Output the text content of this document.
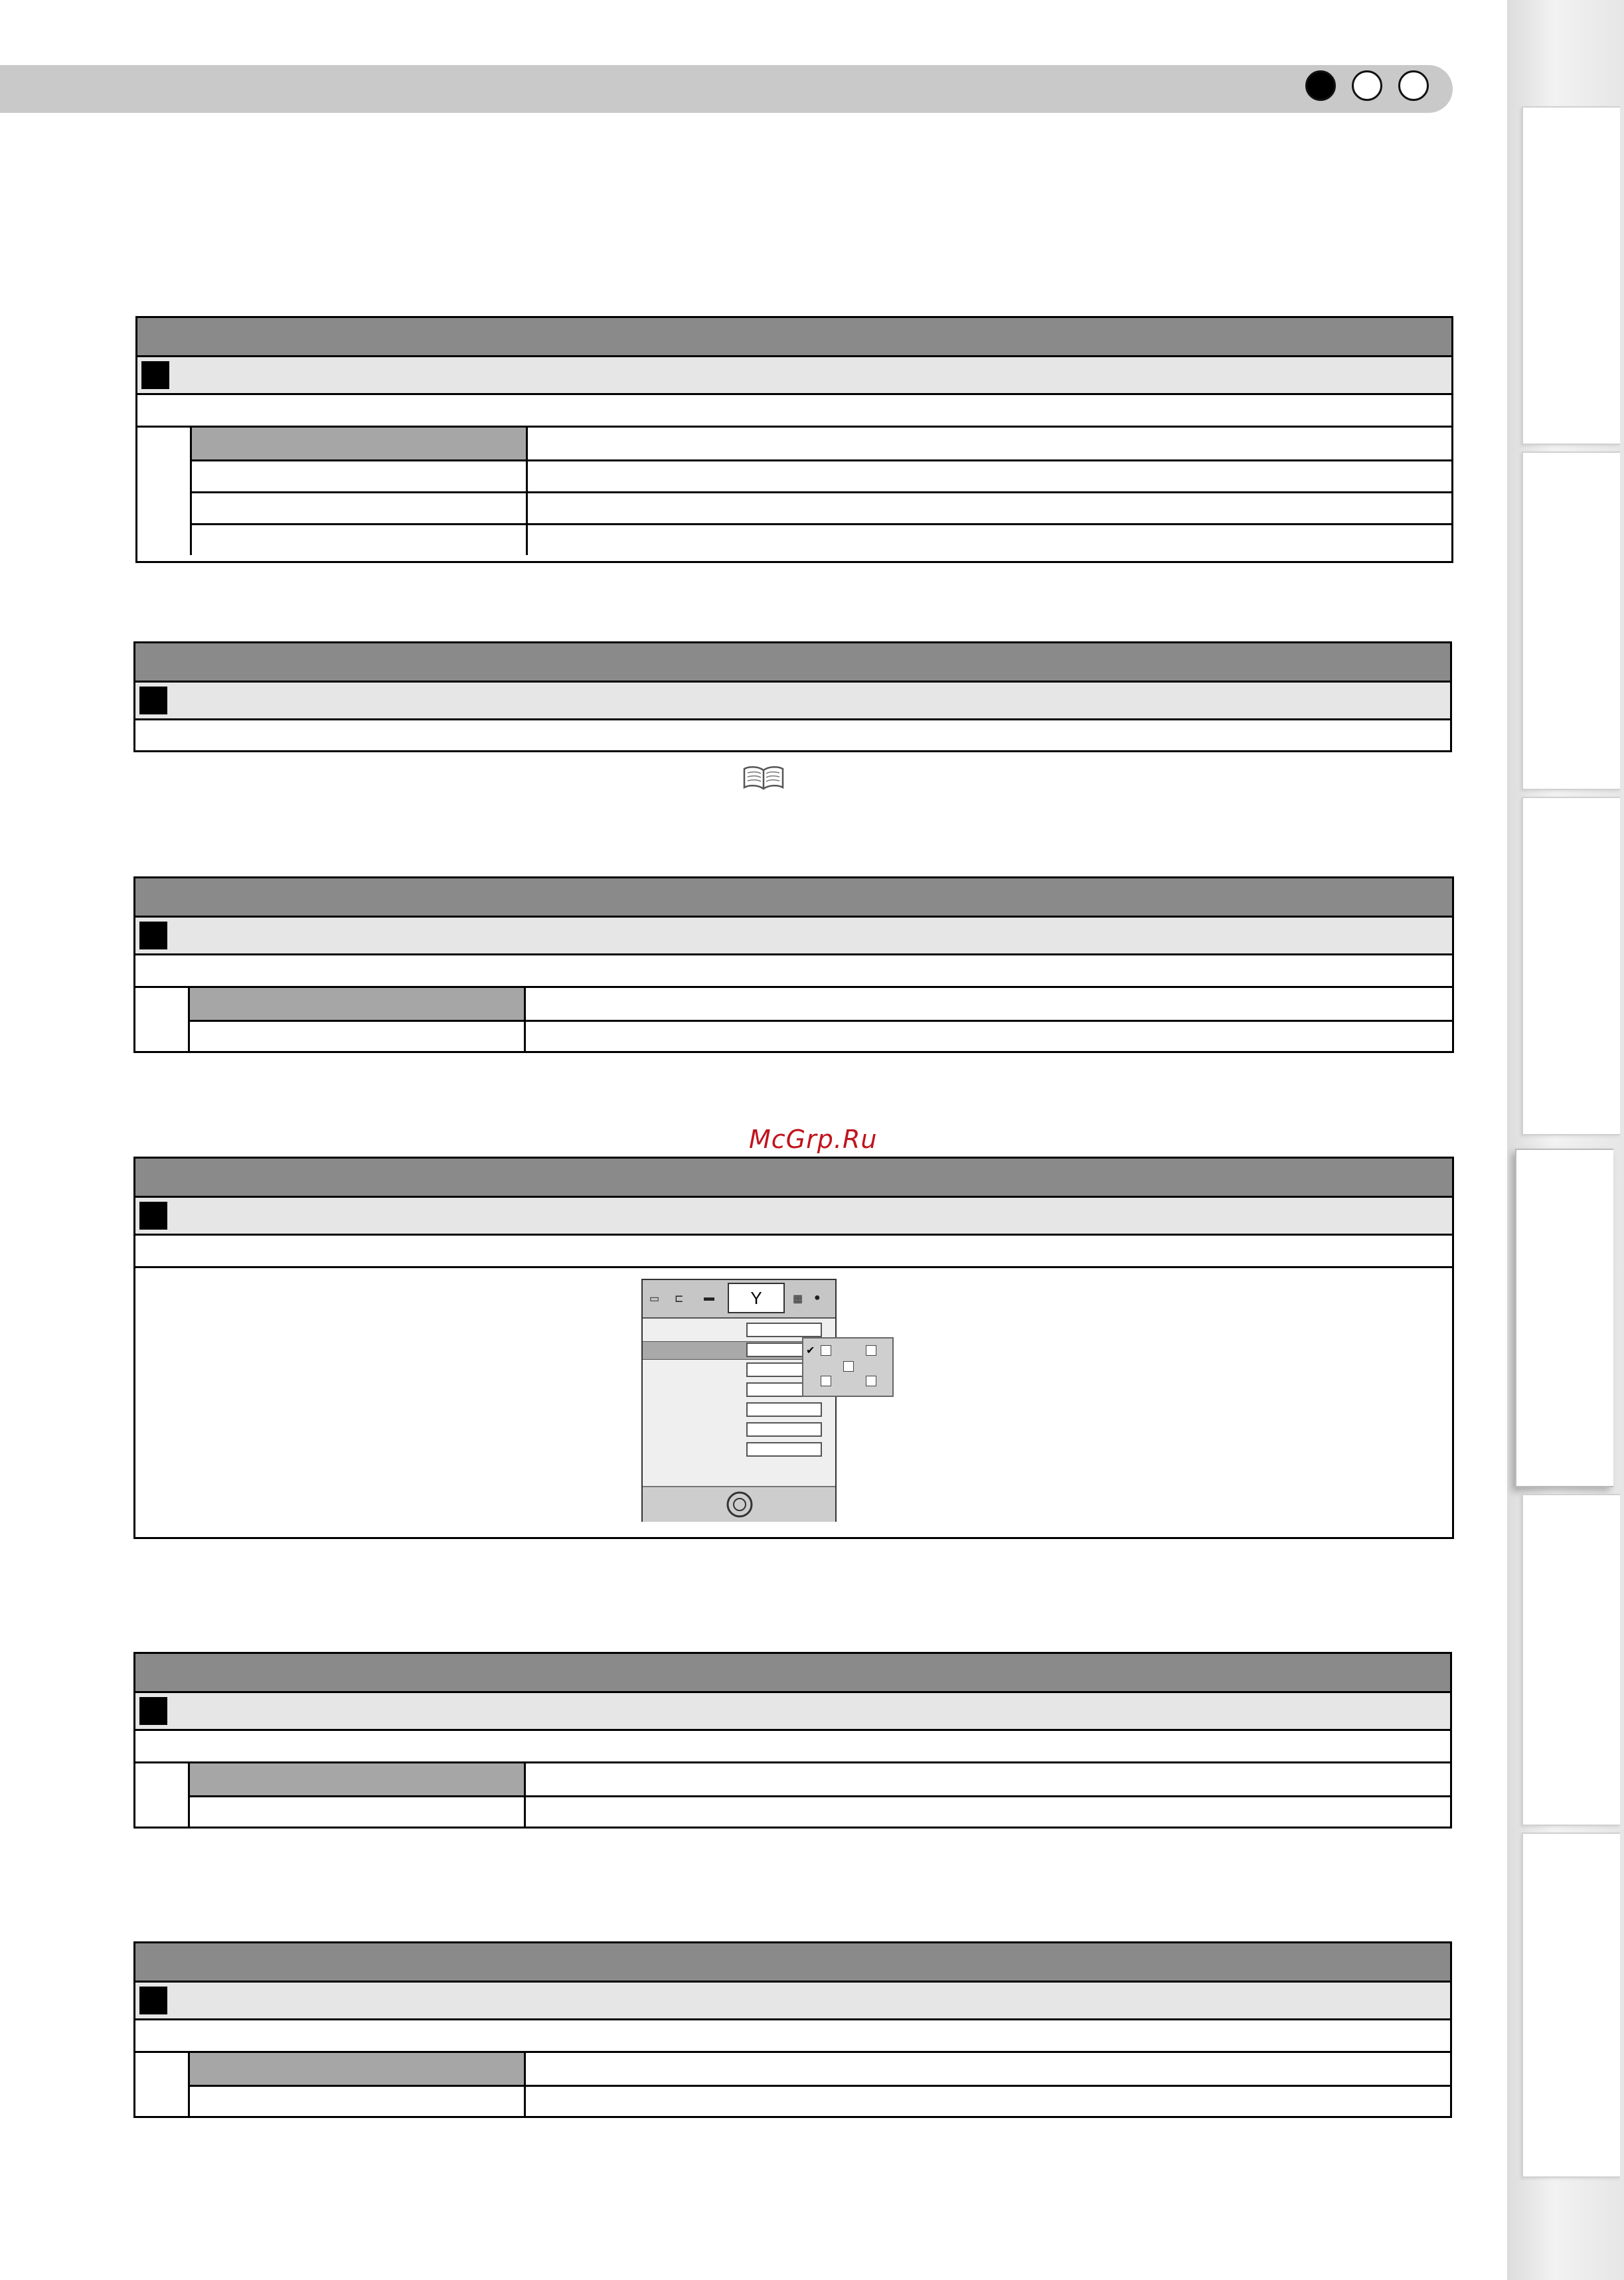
McGrp.Ru
▭ ⊏ ▬	Y	▦ ●
✔
